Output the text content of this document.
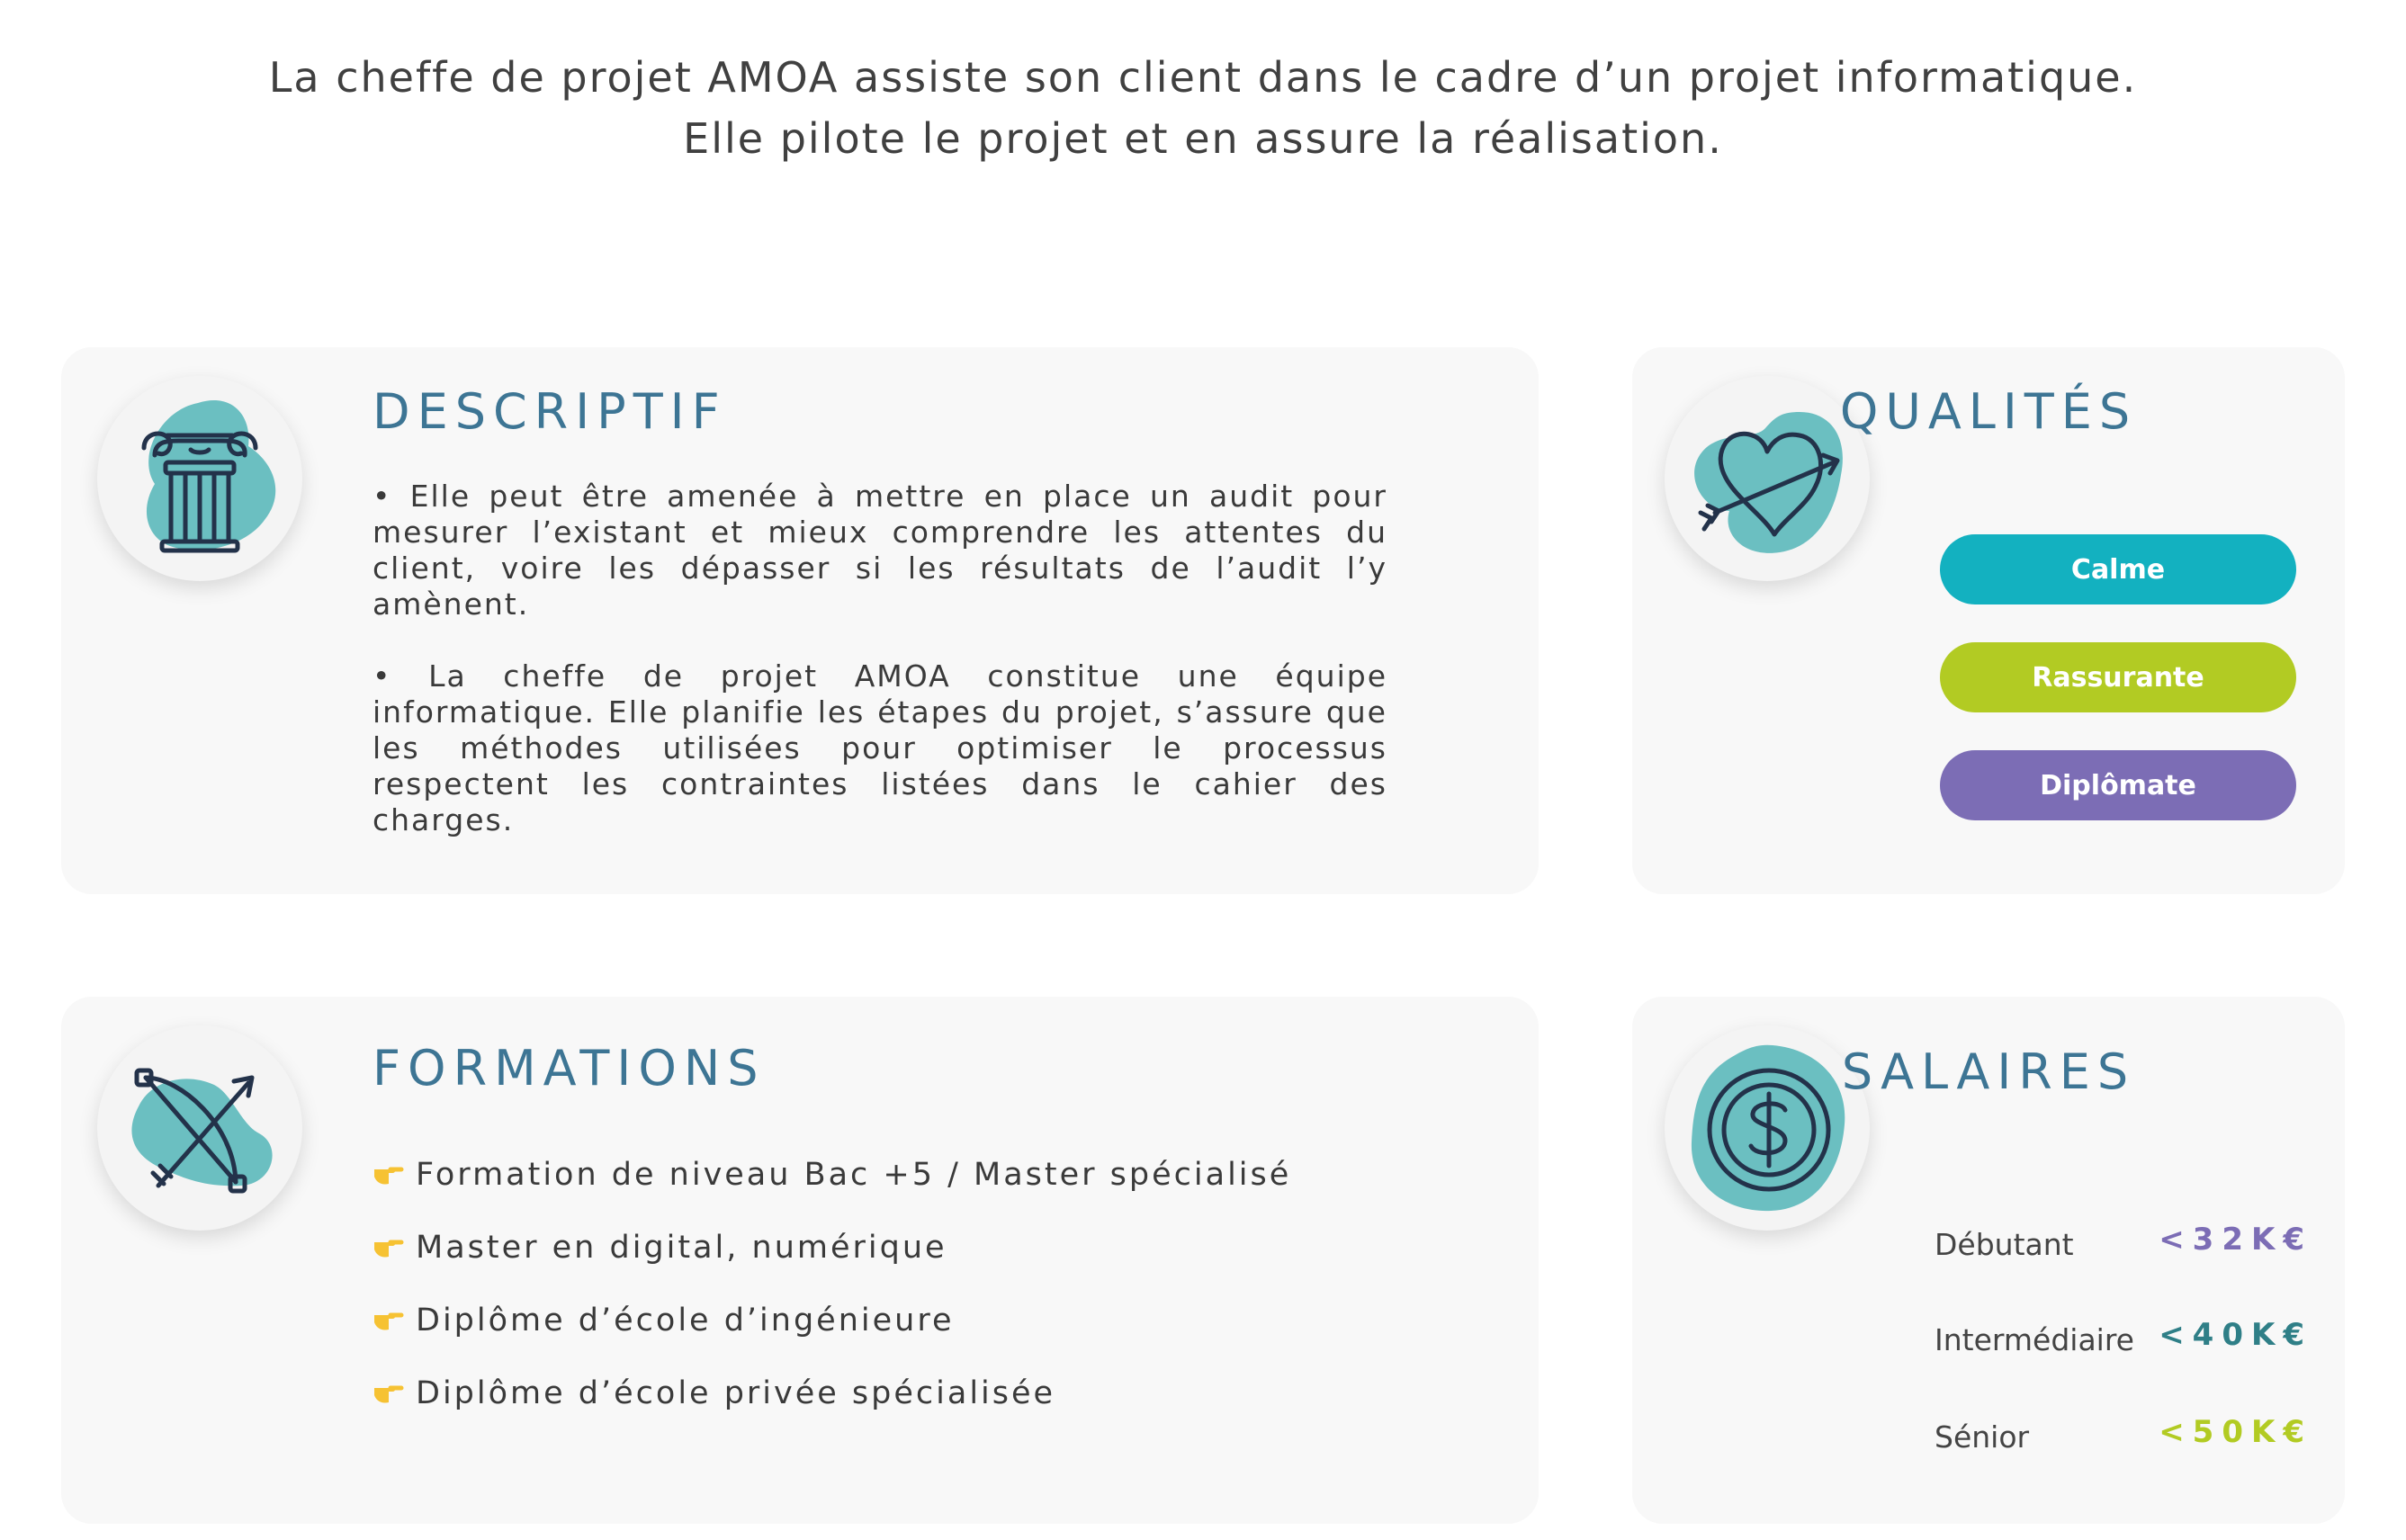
La cheffe de projet AMOA assiste son client dans le cadre d’un projet informatique.
Elle pilote le projet et en assure la réalisation.
DESCRIPTIF

• Elle peut être amenée à mettre en place un audit pour mesurer l’existant et mieux comprendre les attentes du client, voire les dépasser si les résultats de l’audit l’y amènent.

• La cheffe de projet AMOA constitue une équipe informatique. Elle planifie les étapes du projet, s’assure que les méthodes utilisées pour optimiser le processus respectent les contraintes listées dans le cahier des charges.

QUALITÉS
Calme
Rassurante
Diplômate
FORMATIONS
Formation de niveau Bac +5 / Master spécialisé
Master en digital, numérique
Diplôme d’école d’ingénieure
Diplôme d’école privée spécialisée
SALAIRES
Débutant	<32K€
Intermédiaire <40K€
Sénior	<50K€
